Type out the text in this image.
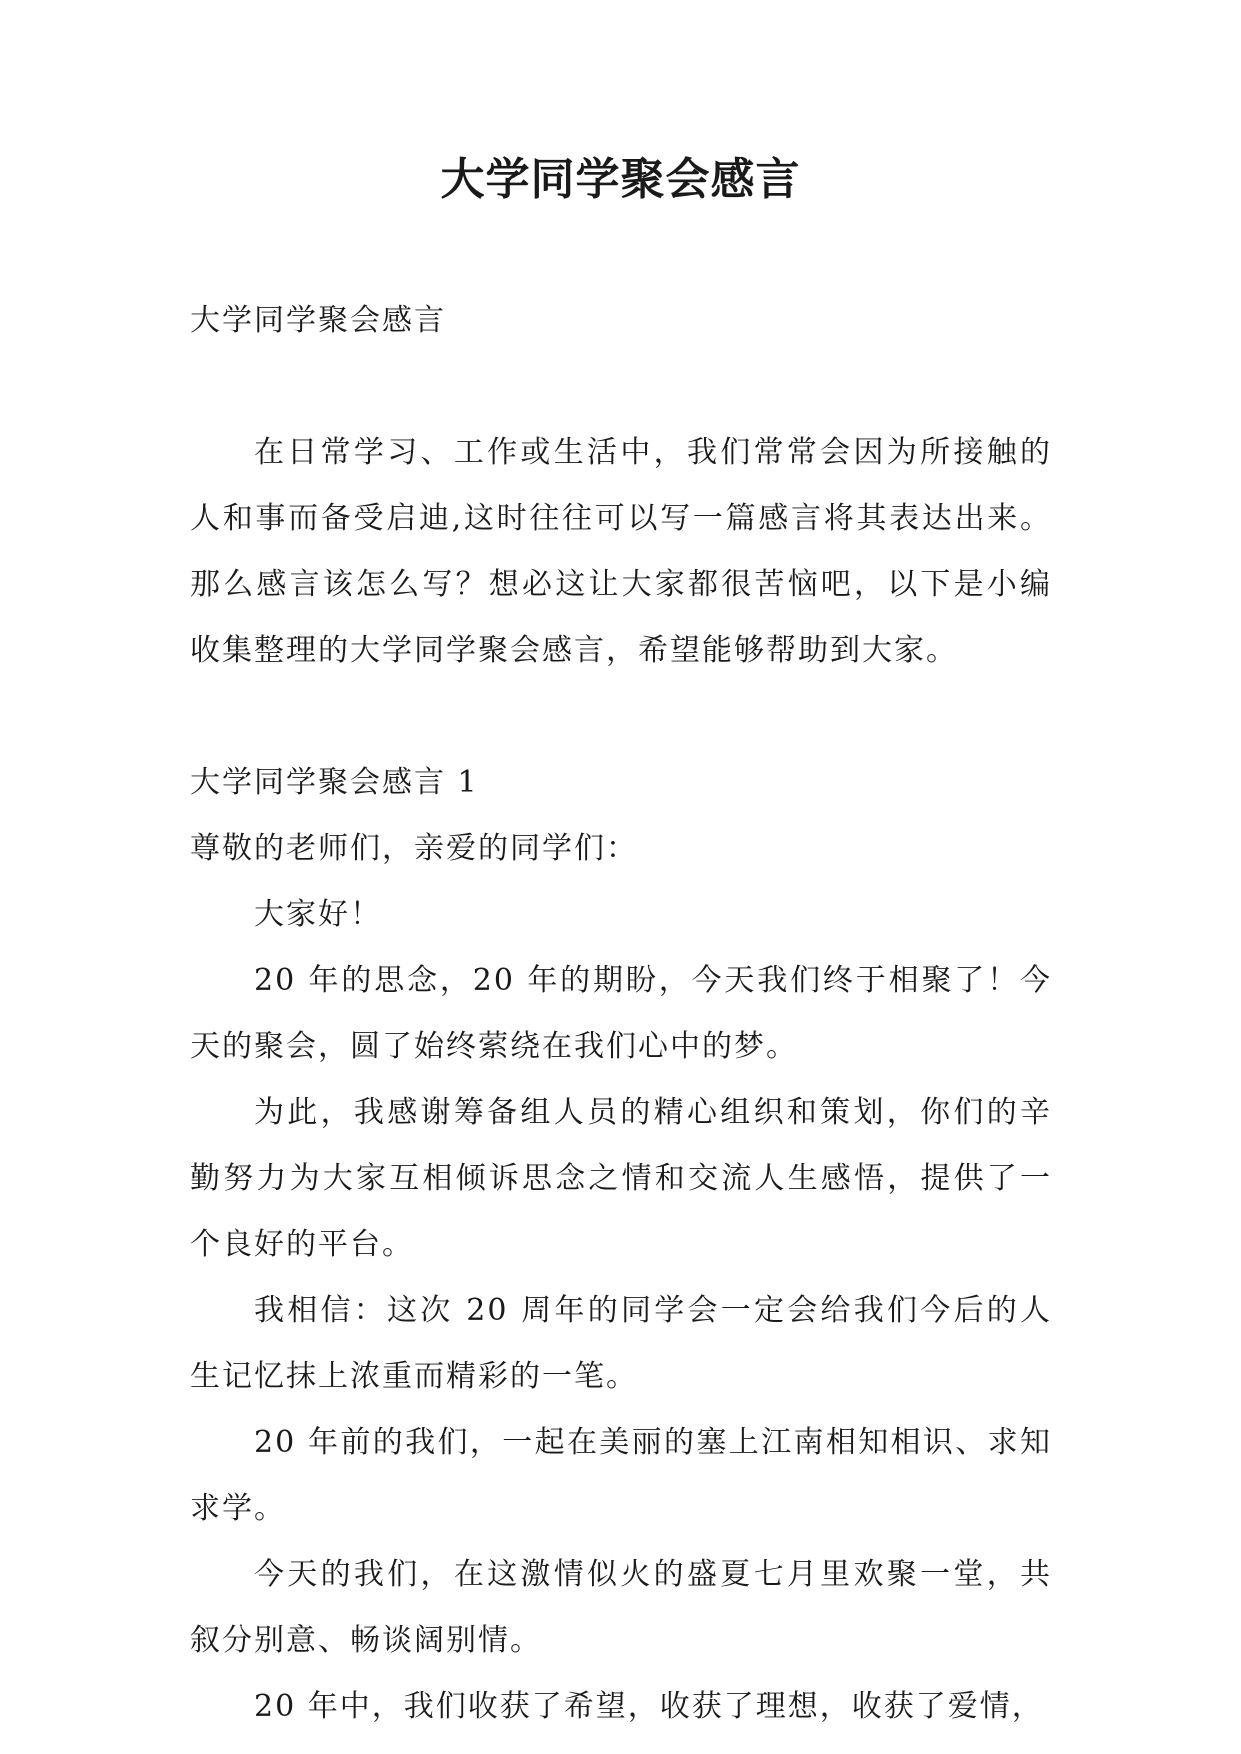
大学同学聚会感言

大学同学聚会感言

在日常学习、工作或生活中，我们常常会因为所接触的人和事而备受启迪,这时往往可以写一篇感言将其表达出来。那么感言该怎么写？想必这让大家都很苦恼吧，以下是小编收集整理的大学同学聚会感言，希望能够帮助到大家。

大学同学聚会感言 1

尊敬的老师们，亲爱的同学们：

大家好！

20 年的思念，20 年的期盼，今天我们终于相聚了！今天的聚会，圆了始终萦绕在我们心中的梦。

为此，我感谢筹备组人员的精心组织和策划，你们的辛勤努力为大家互相倾诉思念之情和交流人生感悟，提供了一个良好的平台。

我相信：这次 20 周年的同学会一定会给我们今后的人生记忆抹上浓重而精彩的一笔。

20 年前的我们，一起在美丽的塞上江南相知相识、求知求学。

今天的我们，在这激情似火的盛夏七月里欢聚一堂，共叙分别意、畅谈阔别情。

20 年中，我们收获了希望，收获了理想，收获了爱情，
